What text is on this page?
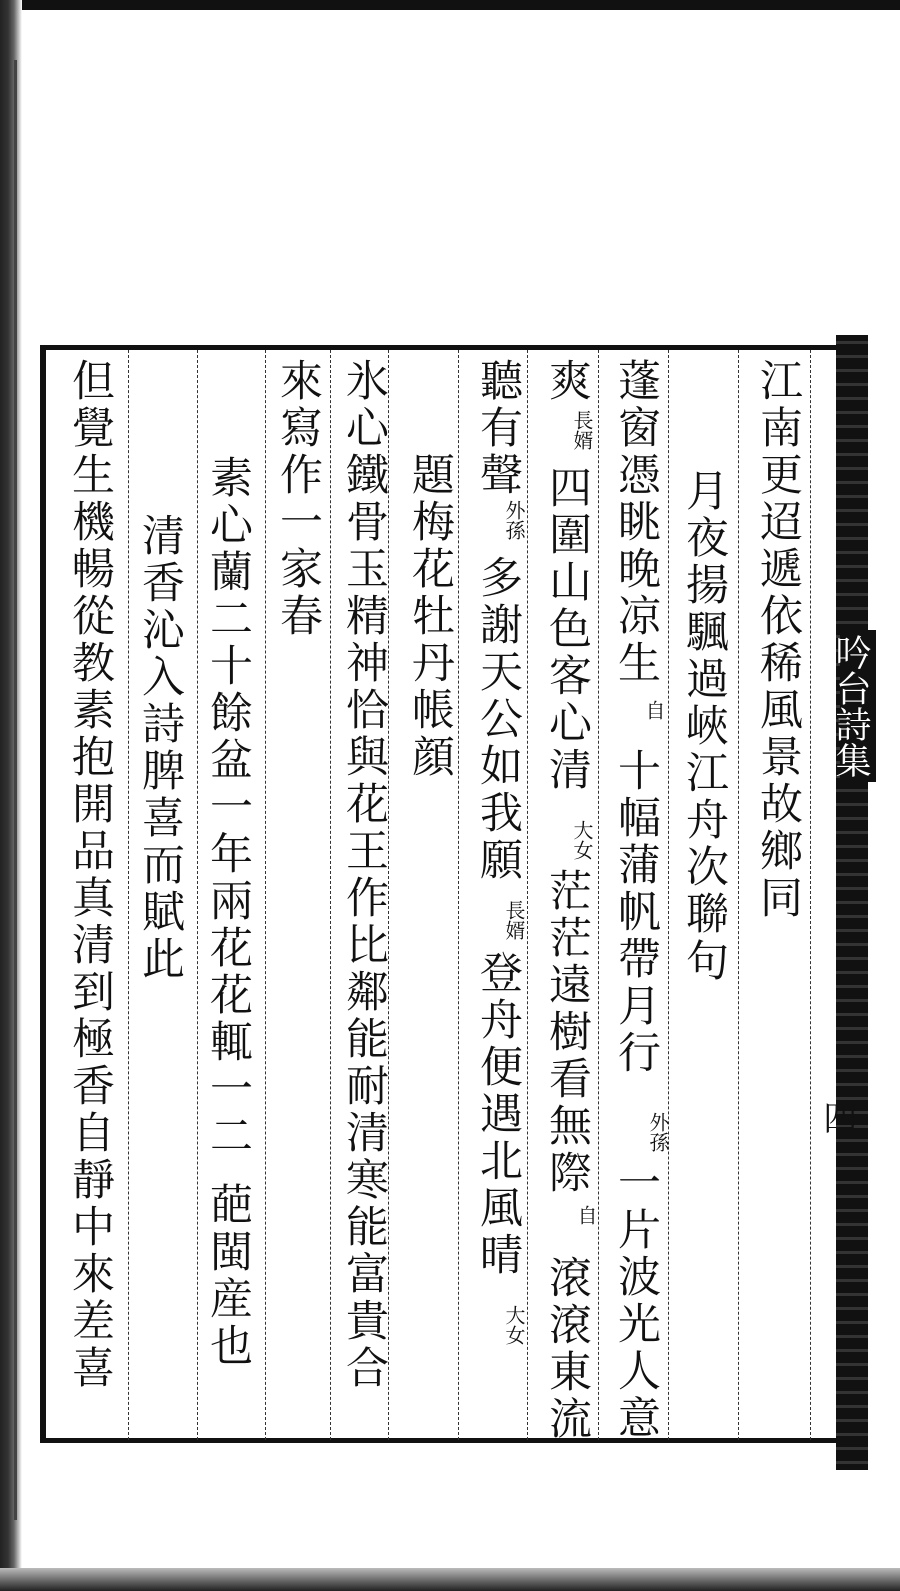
吟台詩集
四
江南更迢遞依稀風景故鄉同
月夜揚颿過峽江舟次聯句
蓬窗憑眺晚凉生
自
十幅蒲帆帶月行
外孫
一片波光人意
爽
長婿
四圍山色客心清
大女
茫茫遠樹看無際
自
滾滾東流
聽有聲
外孫
多謝天公如我願
長婿
登舟便遇北風晴
大女
題梅花牡丹帳顔
氷心鐵骨玉精神恰與花王作比鄰能耐清寒能富貴合
來寫作一家春
素心蘭二十餘盆一年兩花花輒一二
葩閩産也
清香沁入詩脾喜而賦此
但覺生機暢從教素抱開品真清到極香自靜中來差喜
